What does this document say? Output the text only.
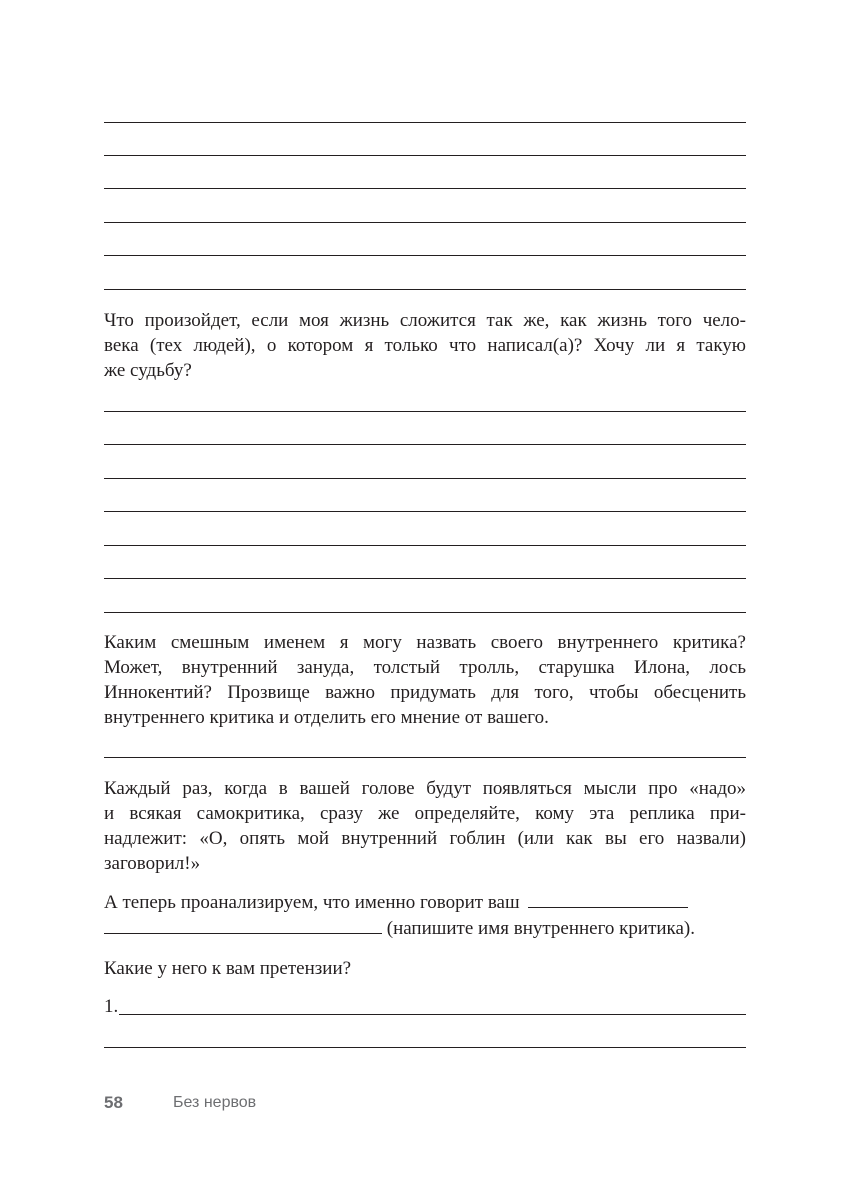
Что произойдет, если моя жизнь сложится так же, как жизнь того чело-
века (тех людей), о котором я только что написал(а)? Хочу ли я такую
же судьбу?
Каким смешным именем я могу назвать своего внутреннего критика?
Может, внутренний зануда, толстый тролль, старушка Илона, лось
Иннокентий? Прозвище важно придумать для того, чтобы обесценить
внутреннего критика и отделить его мнение от вашего.
Каждый раз, когда в вашей голове будут появляться мысли про «надо»
и всякая самокритика, сразу же определяйте, кому эта реплика при-
надлежит: «О, опять мой внутренний гоблин (или как вы его назвали)
заговорил!»
А теперь проанализируем, что именно говорит ваш
(напишите имя внутреннего критика).
Какие у него к вам претензии?
1.
58	Без нервов
